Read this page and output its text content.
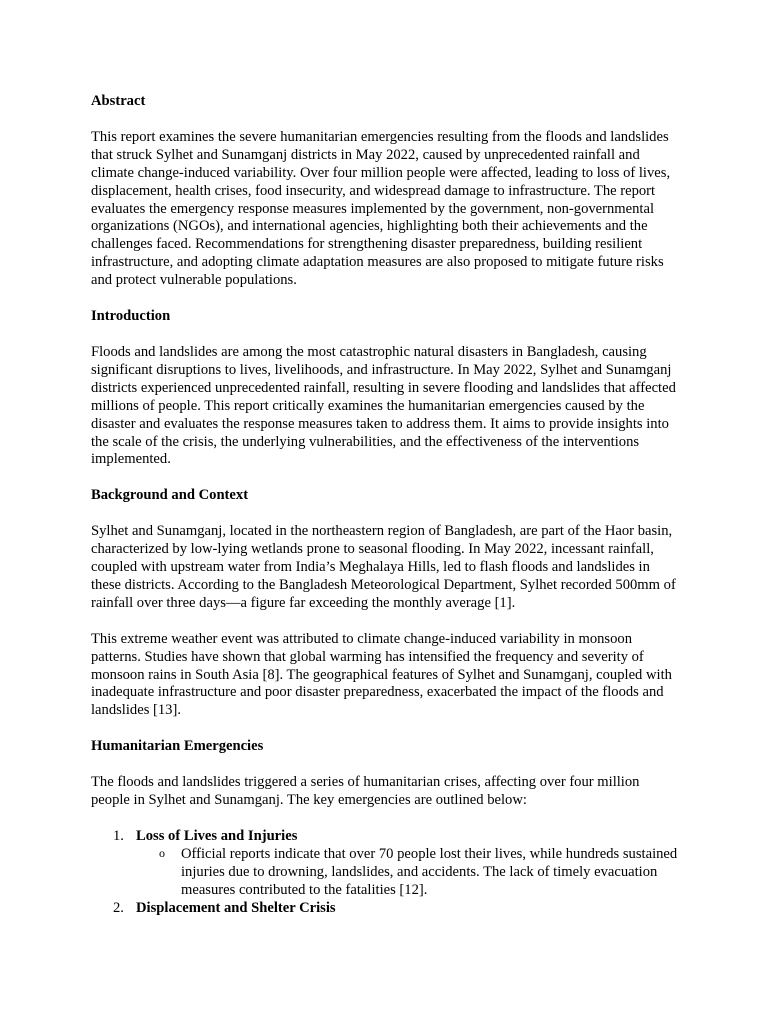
Abstract

This report examines the severe humanitarian emergencies resulting from the floods and landslides that struck Sylhet and Sunamganj districts in May 2022, caused by unprecedented rainfall and climate change-induced variability. Over four million people were affected, leading to loss of lives, displacement, health crises, food insecurity, and widespread damage to infrastructure. The report evaluates the emergency response measures implemented by the government, non-governmental organizations (NGOs), and international agencies, highlighting both their achievements and the challenges faced. Recommendations for strengthening disaster preparedness, building resilient infrastructure, and adopting climate adaptation measures are also proposed to mitigate future risks and protect vulnerable populations.

Introduction

Floods and landslides are among the most catastrophic natural disasters in Bangladesh, causing significant disruptions to lives, livelihoods, and infrastructure. In May 2022, Sylhet and Sunamganj districts experienced unprecedented rainfall, resulting in severe flooding and landslides that affected millions of people. This report critically examines the humanitarian emergencies caused by the disaster and evaluates the response measures taken to address them. It aims to provide insights into the scale of the crisis, the underlying vulnerabilities, and the effectiveness of the interventions implemented.

Background and Context

Sylhet and Sunamganj, located in the northeastern region of Bangladesh, are part of the Haor basin, characterized by low-lying wetlands prone to seasonal flooding. In May 2022, incessant rainfall, coupled with upstream water from India’s Meghalaya Hills, led to flash floods and landslides in these districts. According to the Bangladesh Meteorological Department, Sylhet recorded 500mm of rainfall over three days—a figure far exceeding the monthly average [1].

This extreme weather event was attributed to climate change-induced variability in monsoon patterns. Studies have shown that global warming has intensified the frequency and severity of monsoon rains in South Asia [8]. The geographical features of Sylhet and Sunamganj, coupled with inadequate infrastructure and poor disaster preparedness, exacerbated the impact of the floods and landslides [13].

Humanitarian Emergencies

The floods and landslides triggered a series of humanitarian crises, affecting over four million people in Sylhet and Sunamganj. The key emergencies are outlined below:

1. Loss of Lives and Injuries
o Official reports indicate that over 70 people lost their lives, while hundreds sustained injuries due to drowning, landslides, and accidents. The lack of timely evacuation measures contributed to the fatalities [12].
2. Displacement and Shelter Crisis
